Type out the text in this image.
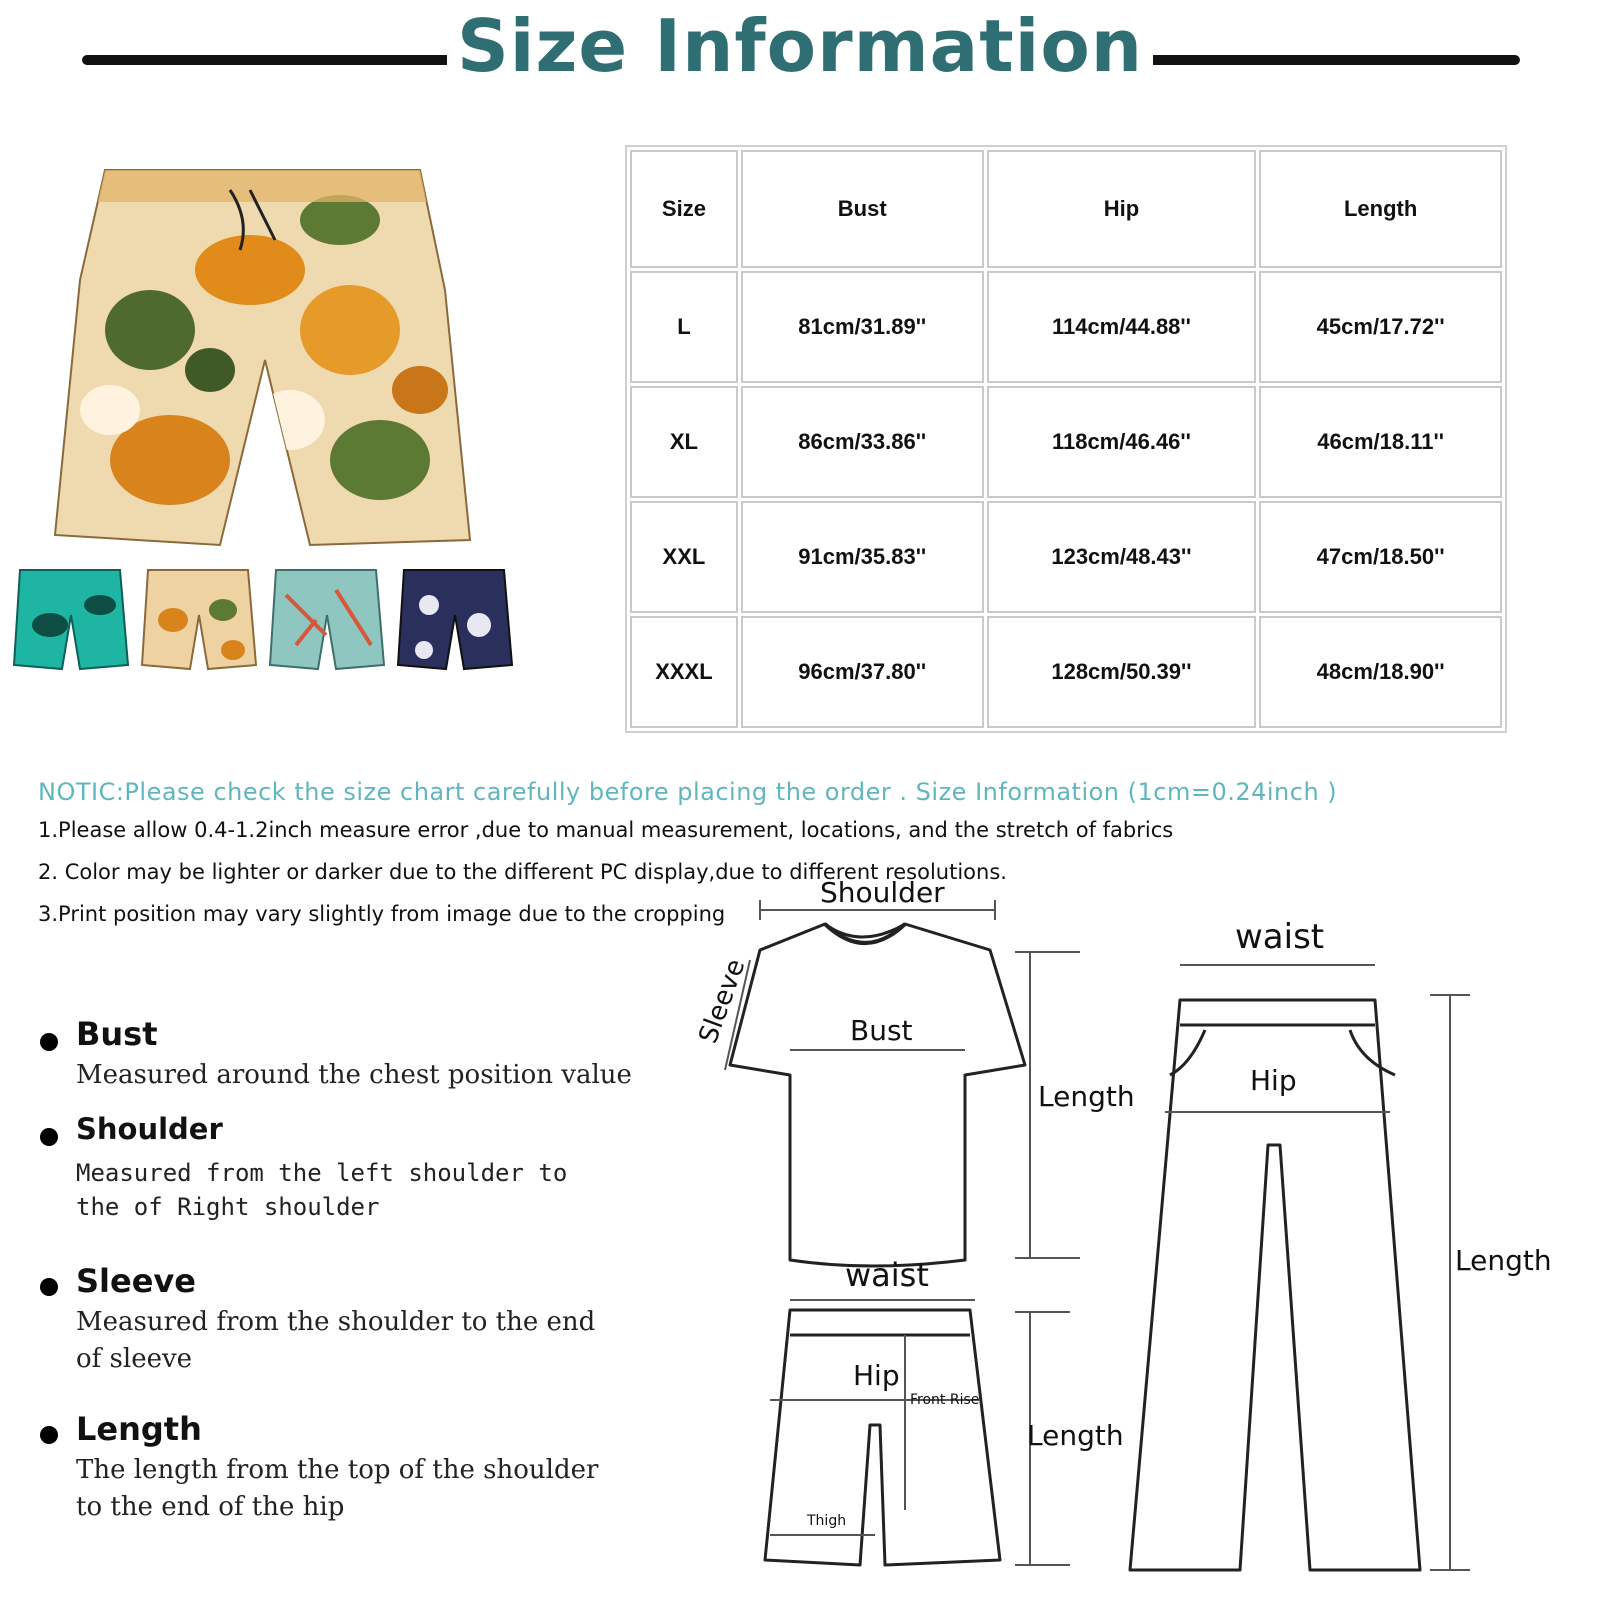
Size Information
Size	Bust	Hip	Length
L	81cm/31.89''	114cm/44.88''	45cm/17.72''
XL	86cm/33.86''	118cm/46.46''	46cm/18.11''
XXL	91cm/35.83''	123cm/48.43''	47cm/18.50''
XXXL	96cm/37.80''	128cm/50.39''	48cm/18.90''
NOTIC:Please check the size chart carefully before placing the order . Size Information (1cm=0.24inch )
1.Please allow 0.4-1.2inch measure error ,due to manual measurement, locations, and the stretch of fabrics
2. Color may be lighter or darker due to the different PC display,due to different resolutions.
3.Print position may vary slightly from image due to the cropping
Bust
Measured around the chest position value
Shoulder
Measured from the left shoulder to the of Right shoulder
Sleeve
Measured from the shoulder to the end of sleeve
Length
The length from the top of the shoulder to the end of the hip
Shoulder
Sleeve	Bust
Length
waist
Hip
Front Rise
Thigh
Length
waist
Hip
Length
